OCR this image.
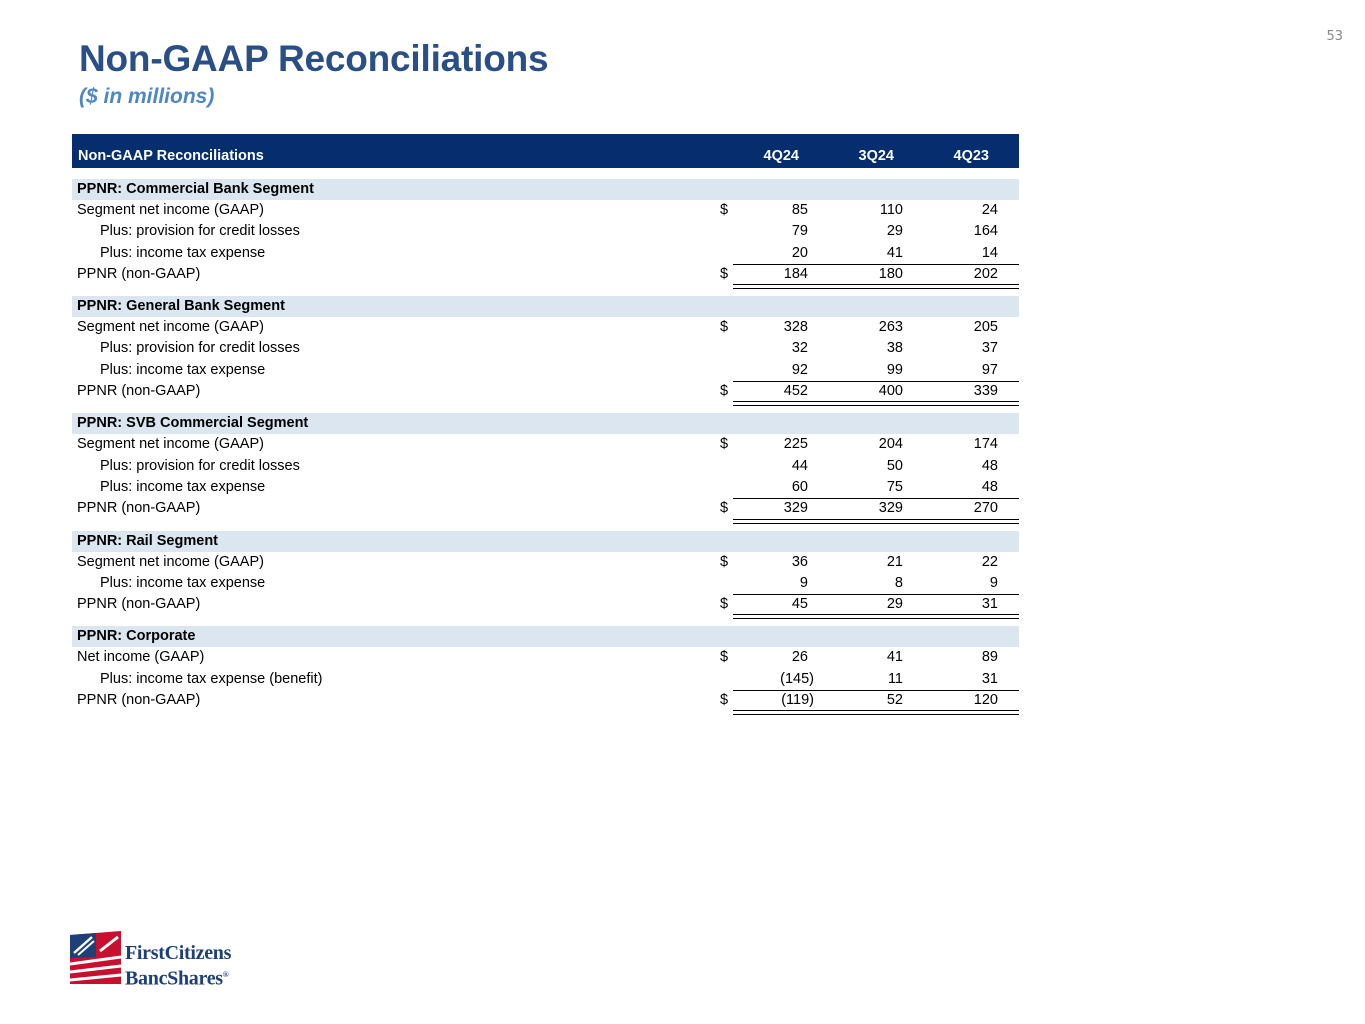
53
Non-GAAP Reconciliations
($ in millions)
Non-GAAP Reconciliations	4Q24	3Q24	4Q23
PPNR: Commercial Bank Segment
Segment net income (GAAP)	$	85	110	24
Plus: provision for credit losses	79	29	164
Plus: income tax expense	20	41	14
PPNR (non-GAAP)	$	184	180	202
PPNR: General Bank Segment
Segment net income (GAAP)	$	328	263	205
Plus: provision for credit losses	32	38	37
Plus: income tax expense	92	99	97
PPNR (non-GAAP)	$	452	400	339
PPNR: SVB Commercial Segment
Segment net income (GAAP)	$	225	204	174
Plus: provision for credit losses	44	50	48
Plus: income tax expense	60	75	48
PPNR (non-GAAP)	$	329	329	270
PPNR: Rail Segment
Segment net income (GAAP)	$	36	21	22
Plus: income tax expense	9	8	9
PPNR (non-GAAP)	$	45	29	31
PPNR: Corporate
Net income (GAAP)	$	26	41	89
Plus: income tax expense (benefit)	(145)	11	31
PPNR (non-GAAP)	$	(119)	52	120
FirstCitizens
BancShares®
